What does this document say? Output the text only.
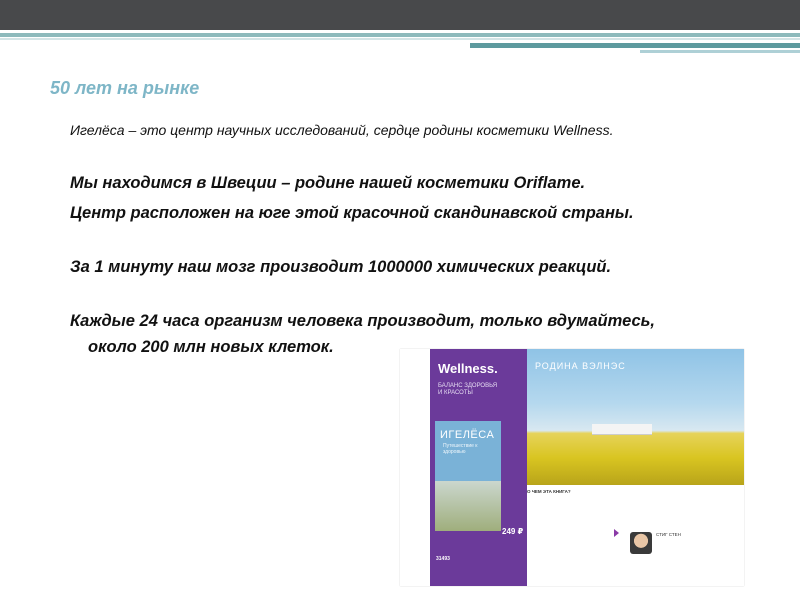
50 лет на рынке
Игелёса – это центр научных исследований, сердце родины косметики Wellness.
Мы находимся в Швеции – родине нашей косметики Oriflame.
Центр расположен на юге этой красочной скандинавской страны.
За 1 минуту наш мозг производит 1000000 химических реакций.
Каждые 24 часа организм человека производит, только вдумайтесь,
около 200 млн новых клеток.
Wellness.
БАЛАНС ЗДОРОВЬЯ И КРАСОТЫ
ИГЕЛЁСА
Путешествие к здоровью
31493
249 ₽
РОДИНА ВЭЛНЭС
О ЧЕМ ЭТА КНИГА?
СТИГ СТЕН
